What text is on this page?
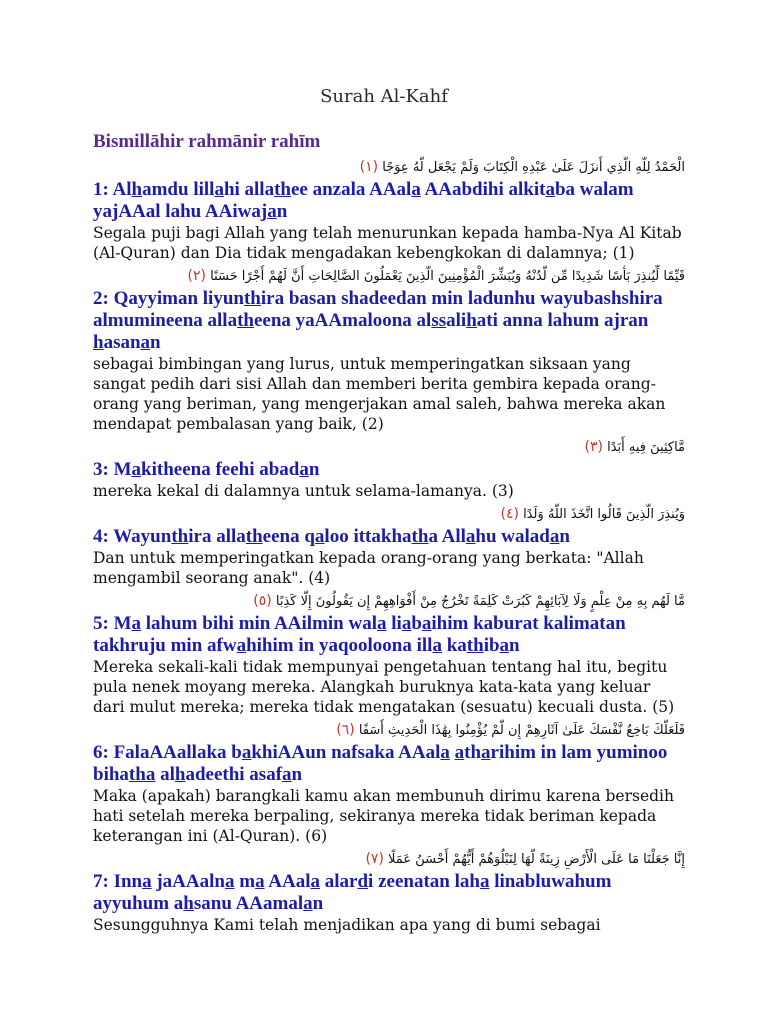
Surah Al-Kahf
Bismillāhir rahmānir rahīm
الْحَمْدُ لِلَّهِ الَّذِي أَنزَلَ عَلَىٰ عَبْدِهِ الْكِتَابَ وَلَمْ يَجْعَل لَّهُ عِوَجًا (١)
1: Alhamdu lillahi allathee anzala AAala AAabdihi alkitaba walam yajAAal lahu AAiwajan
Segala puji bagi Allah yang telah menurunkan kepada hamba-Nya Al Kitab (Al-Quran) dan Dia tidak mengadakan kebengkokan di dalamnya; (1)
قَيِّمًا لِّيُنذِرَ بَأْسًا شَدِيدًا مِّن لَّدُنْهُ وَيُبَشِّرَ الْمُؤْمِنِينَ الَّذِينَ يَعْمَلُونَ الصَّالِحَاتِ أَنَّ لَهُمْ أَجْرًا حَسَنًا (٢)
2: Qayyiman liyunthira basan shadeedan min ladunhu wayubashshira almumineena allatheena yaAAmaloona alssalihati anna lahum ajran hasanan
sebagai bimbingan yang lurus, untuk memperingatkan siksaan yang sangat pedih dari sisi Allah dan memberi berita gembira kepada orang-orang yang beriman, yang mengerjakan amal saleh, bahwa mereka akan mendapat pembalasan yang baik, (2)
مَّاكِثِينَ فِيهِ أَبَدًا (٣)
3: Makitheena feehi abadan
mereka kekal di dalamnya untuk selama-lamanya. (3)
وَيُنذِرَ الَّذِينَ قَالُوا اتَّخَذَ اللَّهُ وَلَدًا (٤)
4: Wayunthira allatheena qaloo ittakhatha Allahu waladan
Dan untuk memperingatkan kepada orang-orang yang berkata: "Allah mengambil seorang anak". (4)
مَّا لَهُم بِهِ مِنْ عِلْمٍ وَلَا لِآبَائِهِمْ كَبُرَتْ كَلِمَةً تَخْرُجُ مِنْ أَفْوَاهِهِمْ إِن يَقُولُونَ إِلَّا كَذِبًا (٥)
5: Ma lahum bihi min AAilmin wala liabaihim kaburat kalimatan takhruju min afwahihim in yaqooloona illa kathiban
Mereka sekali-kali tidak mempunyai pengetahuan tentang hal itu, begitu pula nenek moyang mereka. Alangkah buruknya kata-kata yang keluar dari mulut mereka; mereka tidak mengatakan (sesuatu) kecuali dusta. (5)
فَلَعَلَّكَ بَاخِعٌ نَّفْسَكَ عَلَىٰ آثَارِهِمْ إِن لَّمْ يُؤْمِنُوا بِهَٰذَا الْحَدِيثِ أَسَفًا (٦)
6: FalaAAallaka bakhiAAun nafsaka AAala atharihim in lam yuminoo bihatha alhadeethi asafan
Maka (apakah) barangkali kamu akan membunuh dirimu karena bersedih hati setelah mereka berpaling, sekiranya mereka tidak beriman kepada keterangan ini (Al-Quran). (6)
إِنَّا جَعَلْنَا مَا عَلَى الْأَرْضِ زِينَةً لَّهَا لِنَبْلُوَهُمْ أَيُّهُمْ أَحْسَنُ عَمَلًا (٧)
7: Inna jaAAalna ma AAala alardi zeenatan laha linabluwahum ayyuhum ahsanu AAamalan
Sesungguhnya Kami telah menjadikan apa yang di bumi sebagai
